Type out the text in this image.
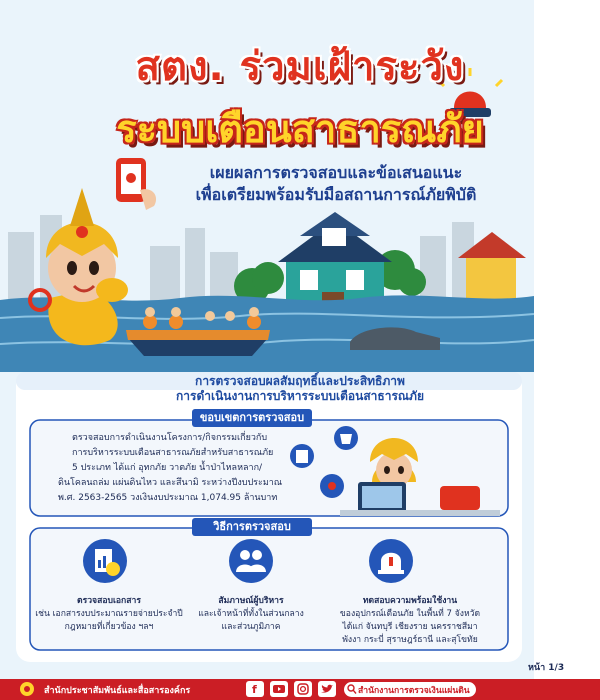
สตง. ร่วมเฝ้าระวัง
ระบบเตือนสาธารณภัย
เผยผลการตรวจสอบและข้อเสนอแนะ
เพื่อเตรียมพร้อมรับมือสถานการณ์ภัยพิบัติ
การตรวจสอบผลสัมฤทธิ์และประสิทธิภาพ
การดำเนินงานการบริหารระบบเตือนสาธารณภัย
ขอบเขตการตรวจสอบ
ตรวจสอบการดำเนินงานโครงการ/กิจกรรมเกี่ยวกับ
การบริหารระบบเตือนสาธารณภัยสำหรับสาธารณภัย
5 ประเภท ได้แก่ อุทกภัย วาตภัย น้ำป่าไหลหลาก/
ดินโคลนถล่ม แผ่นดินไหว และสึนามิ ระหว่างปีงบประมาณ
พ.ศ. 2563-2565 วงเงินงบประมาณ 1,074.95 ล้านบาท
วิธีการตรวจสอบ
ตรวจสอบเอกสาร
เช่น เอกสารงบประมาณรายจ่ายประจำปี
กฎหมายที่เกี่ยวข้อง ฯลฯ
สัมภาษณ์ผู้บริหาร
และเจ้าหน้าที่ทั้งในส่วนกลาง
และส่วนภูมิภาค
ทดสอบความพร้อมใช้งาน
ของอุปกรณ์เตือนภัย ในพื้นที่ 7 จังหวัด
ได้แก่ จันทบุรี เชียงราย นครราชสีมา
พังงา กระบี่ สุราษฎร์ธานี และสุโขทัย
หน้า 1/3
สำนักประชาสัมพันธ์และสื่อสารองค์กร	f	สำนักงานการตรวจเงินแผ่นดิน
